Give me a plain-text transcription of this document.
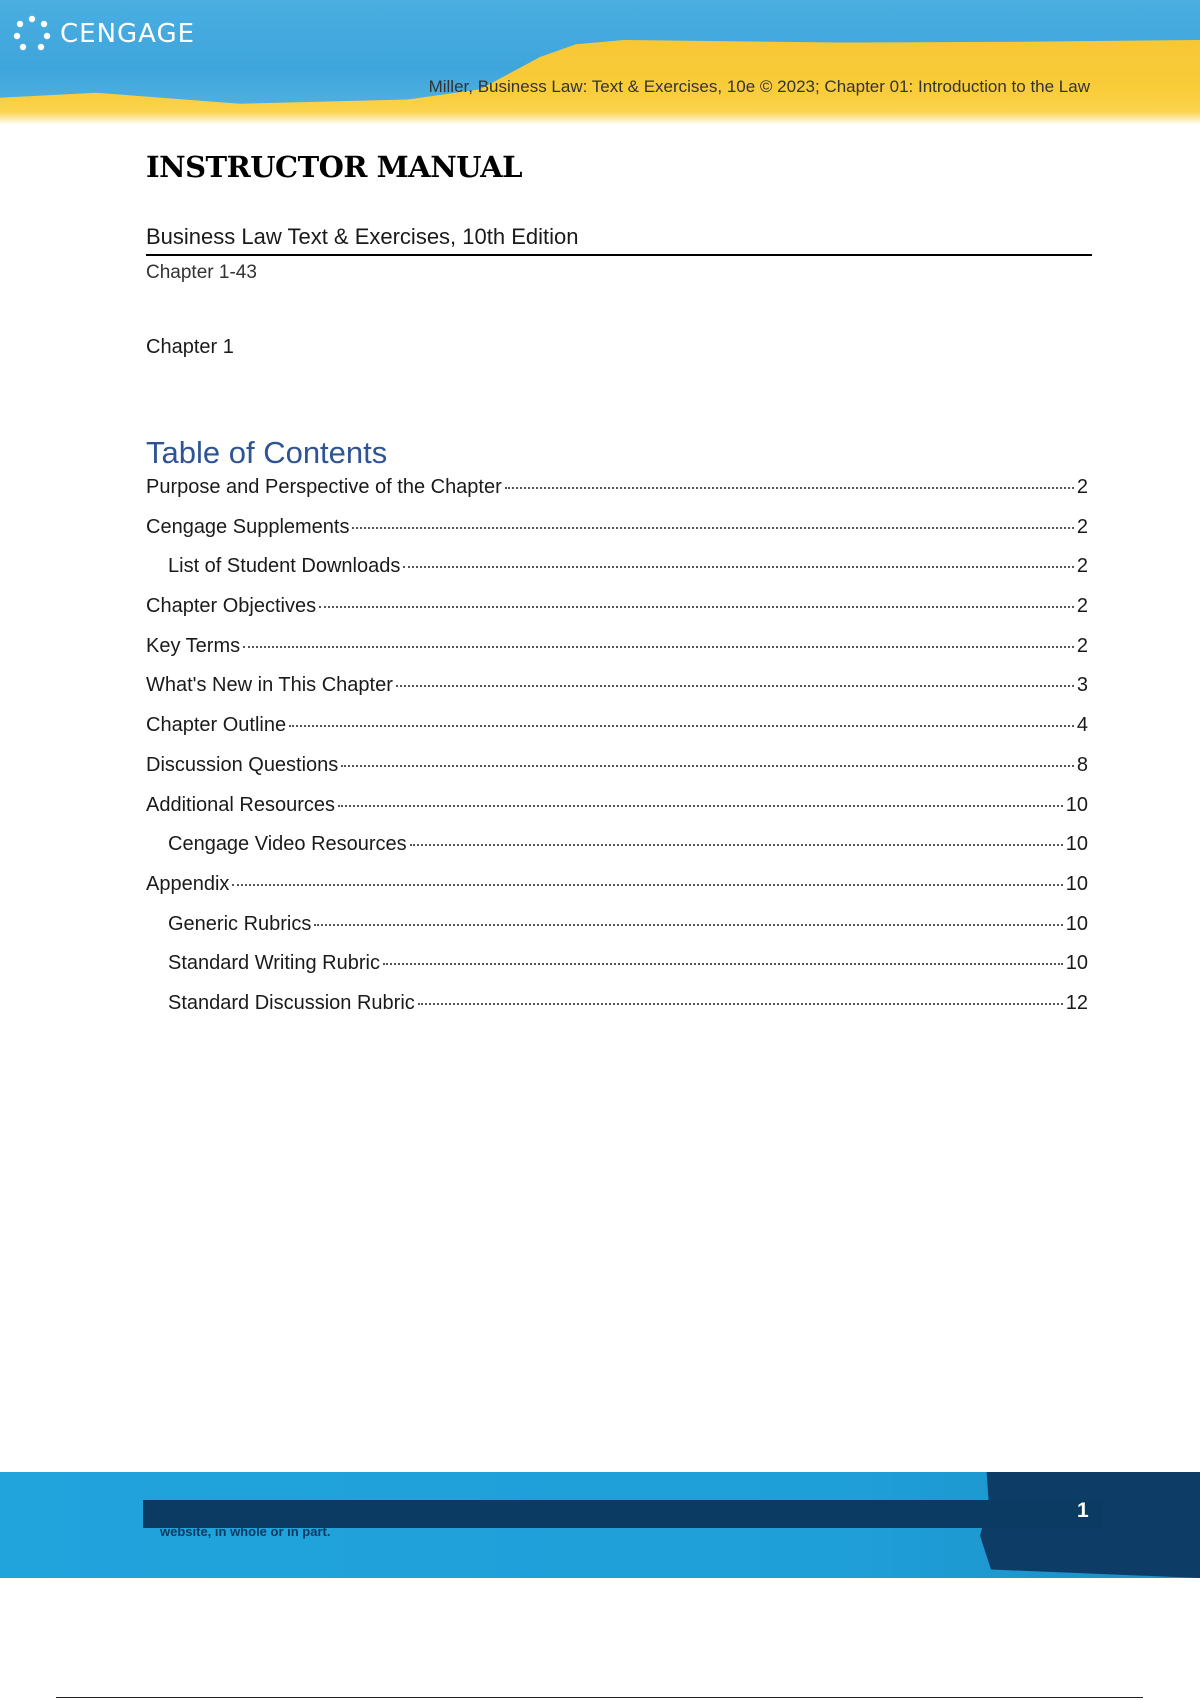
CENGAGE
Miller, Business Law: Text & Exercises, 10e © 2023; Chapter 01: Introduction to the Law
INSTRUCTOR MANUAL
Business Law Text & Exercises, 10th Edition
Chapter 1-43
Chapter 1
Table of Contents
Purpose and Perspective of the Chapter	2
Cengage Supplements	2
List of Student Downloads	2
Chapter Objectives	2
Key Terms	2
What's New in This Chapter	3
Chapter Outline	4
Discussion Questions	8
Additional Resources	10
Cengage Video Resources	10
Appendix	10
Generic Rubrics	10
Standard Writing Rubric	10
Standard Discussion Rubric	12
website, in whole or in part.
1
